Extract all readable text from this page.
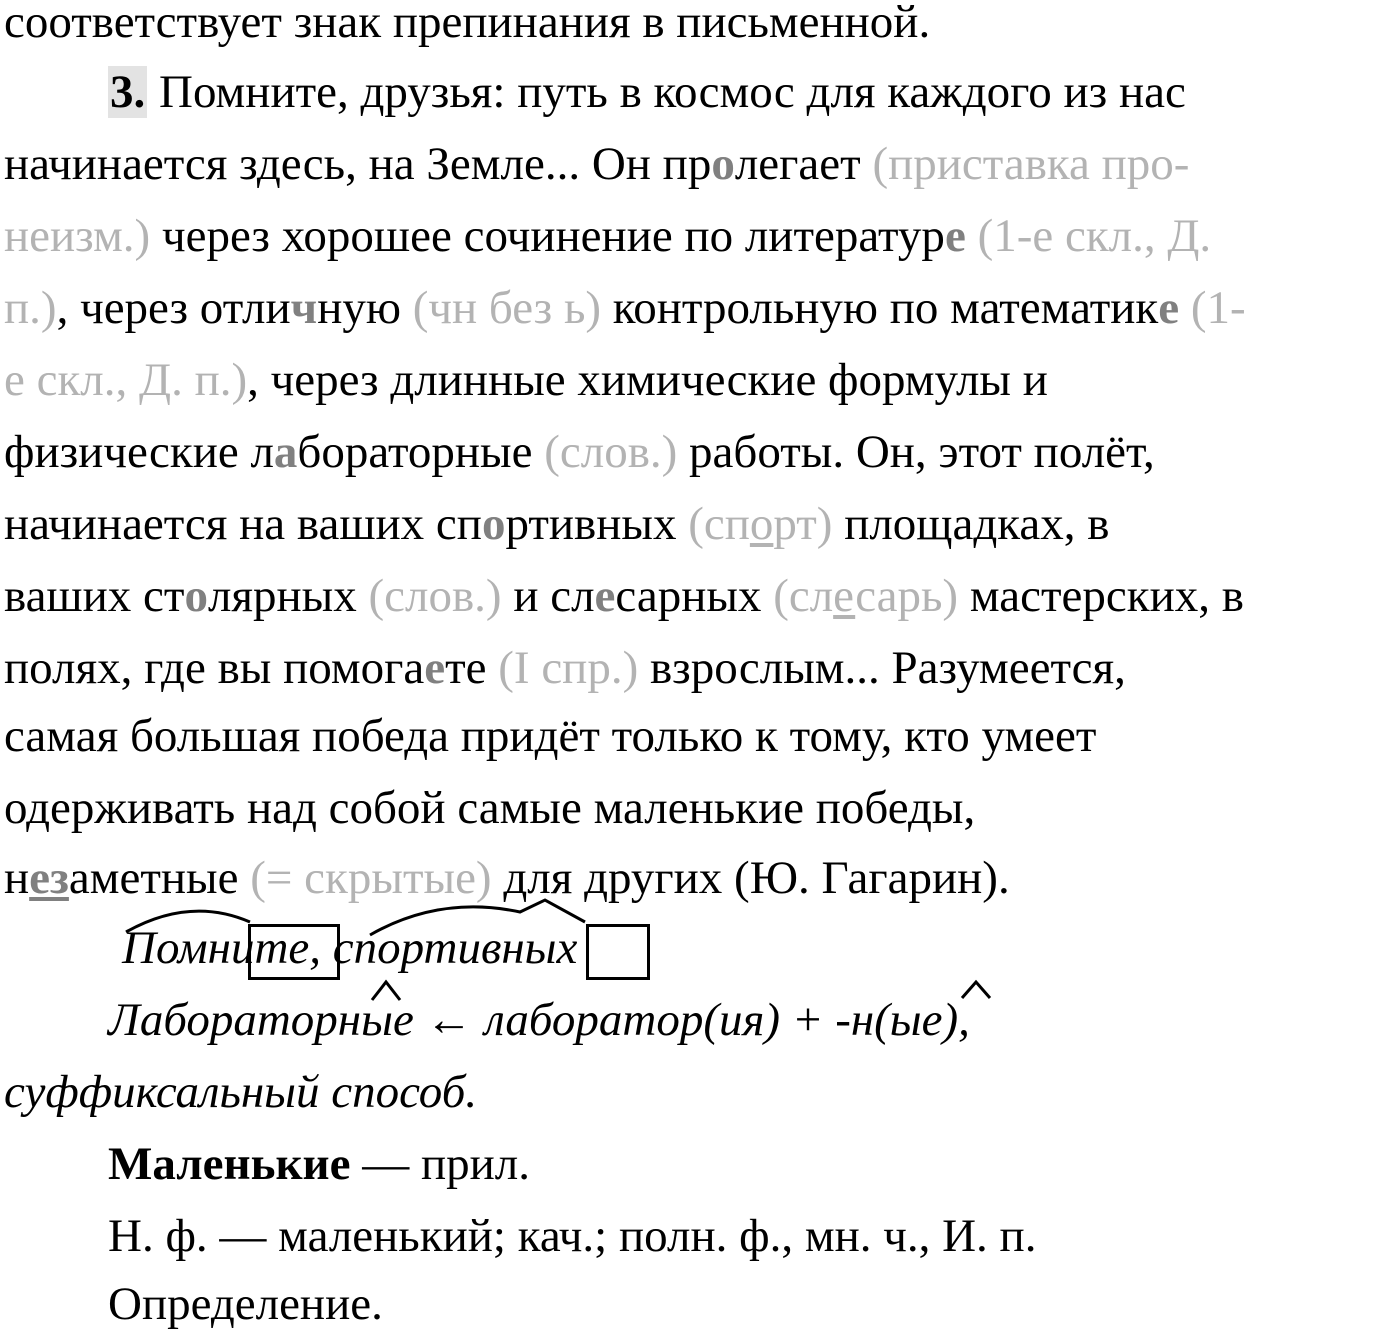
соответствует знак препинания в письменной.
3. Помните, друзья: путь в космос для каждого из нас
начинается здесь, на Земле... Он пролегает (приставка про-
неизм.) через хорошее сочинение по литературе (1-е скл., Д.
п.), через отличную (чн без ь) контрольную по математике (1-
е скл., Д. п.), через длинные химические формулы и
физические лабораторные (слов.) работы. Он, этот полёт,
начинается на ваших спортивных (спорт) площадках, в
ваших столярных (слов.) и слесарных (слесарь) мастерских, в
полях, где вы помогаете (I спр.) взрослым... Разумеется,
самая большая победа придёт только к тому, кто умеет
одерживать над собой самые маленькие победы,
незаметные (= скрытые) для других (Ю. Гагарин).
Помните, спортивных
Лабораторные ← лаборатор(ия) + -н(ые),
суффиксальный способ.
Маленькие — прил.
Н. ф. — маленький; кач.; полн. ф., мн. ч., И. п.
Определение.
